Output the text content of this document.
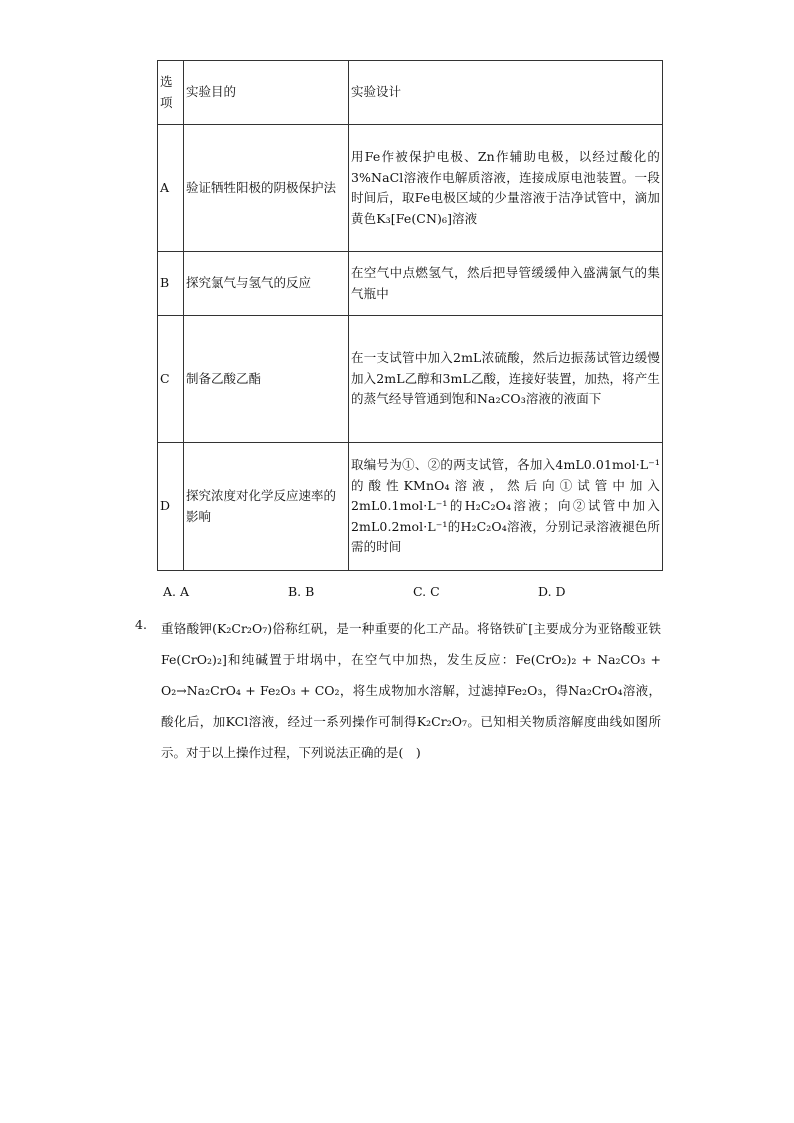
选项	实验目的	实验设计
A	验证牺牲阳极的阴极保护法	用Fe作被保护电极、Zn作辅助电极，以经过酸化的3%NaCl溶液作电解质溶液，连接成原电池装置。一段时间后，取Fe电极区域的少量溶液于洁净试管中，滴加黄色K₃[Fe(CN)₆]溶液
B	探究氯气与氢气的反应	在空气中点燃氢气，然后把导管缓缓伸入盛满氯气的集气瓶中
C	制备乙酸乙酯	在一支试管中加入2mL浓硫酸，然后边振荡试管边缓慢加入2mL乙醇和3mL乙酸，连接好装置，加热，将产生的蒸气经导管通到饱和Na₂CO₃溶液的液面下
D	探究浓度对化学反应速率的影响	取编号为①、②的两支试管，各加入4mL0.01mol·L⁻¹的酸性KMnO₄溶液，然后向①试管中加入2mL0.1mol·L⁻¹的H₂C₂O₄溶液；向②试管中加入2mL0.2mol·L⁻¹的H₂C₂O₄溶液，分别记录溶液褪色所需的时间
A. A	B. B	C. C	D. D
4. 重铬酸钾(K₂Cr₂O₇)俗称红矾，是一种重要的化工产品。将铬铁矿[主要成分为亚铬酸亚铁Fe(CrO₂)₂]和纯碱置于坩埚中，在空气中加热，发生反应：Fe(CrO₂)₂ + Na₂CO₃ + O₂→Na₂CrO₄ + Fe₂O₃ + CO₂，将生成物加水溶解，过滤掉Fe₂O₃，得Na₂CrO₄溶液，酸化后，加KCl溶液，经过一系列操作可制得K₂Cr₂O₇。已知相关物质溶解度曲线如图所示。对于以上操作过程，下列说法正确的是(　)
